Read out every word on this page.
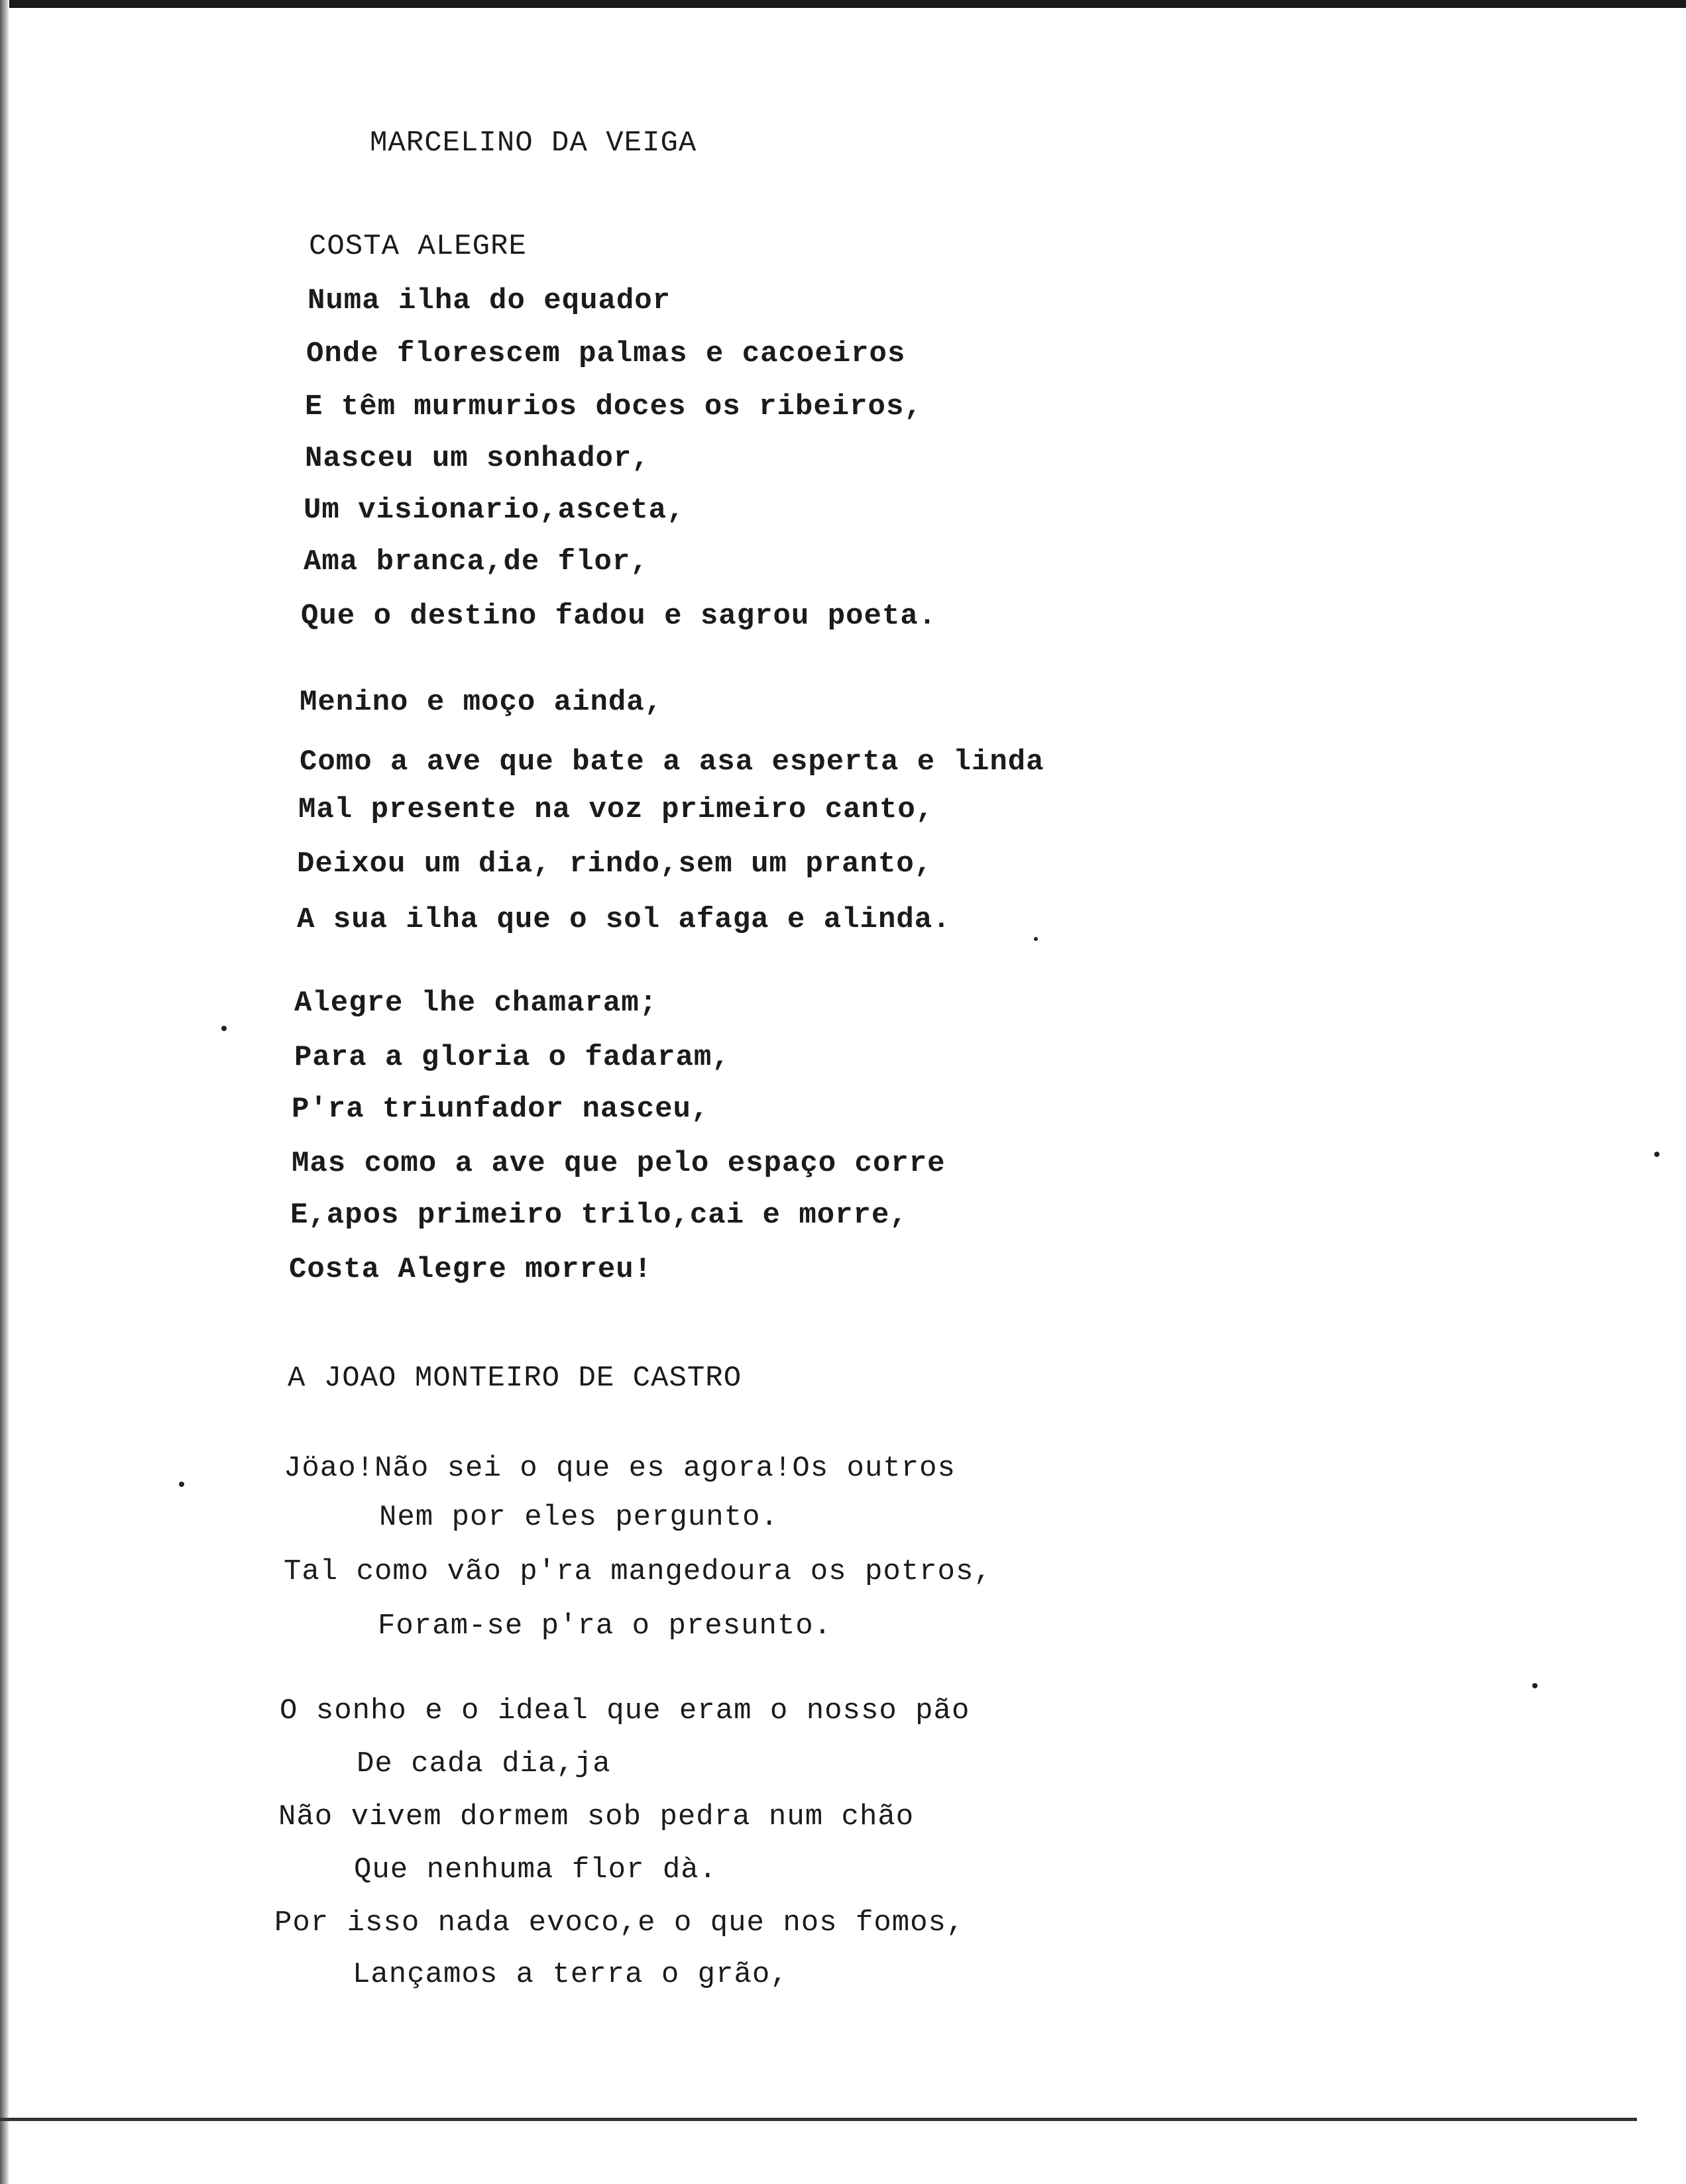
MARCELINO DA VEIGA
COSTA ALEGRE
Numa ilha do equador
Onde florescem palmas e cacoeiros
E têm murmurios doces os ribeiros,
Nasceu um sonhador,
Um visionario,asceta,
Ama branca,de flor,
Que o destino fadou e sagrou poeta.
Menino e moço ainda,
Como a ave que bate a asa esperta e linda
Mal presente na voz primeiro canto,
Deixou um dia, rindo,sem um pranto,
A sua ilha que o sol afaga e alinda.
Alegre lhe chamaram;
Para a gloria o fadaram,
P'ra triunfador nasceu,
Mas como a ave que pelo espaço corre
E,apos primeiro trilo,cai e morre,
Costa Alegre morreu!
A JOAO MONTEIRO DE CASTRO
Jöao!Não sei o que es agora!Os outros
Nem por eles pergunto.
Tal como vão p'ra mangedoura os potros,
Foram-se p'ra o presunto.
O sonho e o ideal que eram o nosso pão
De cada dia,ja
Não vivem dormem sob pedra num chão
Que nenhuma flor dà.
Por isso nada evoco,e o que nos fomos,
Lançamos a terra o grão,
